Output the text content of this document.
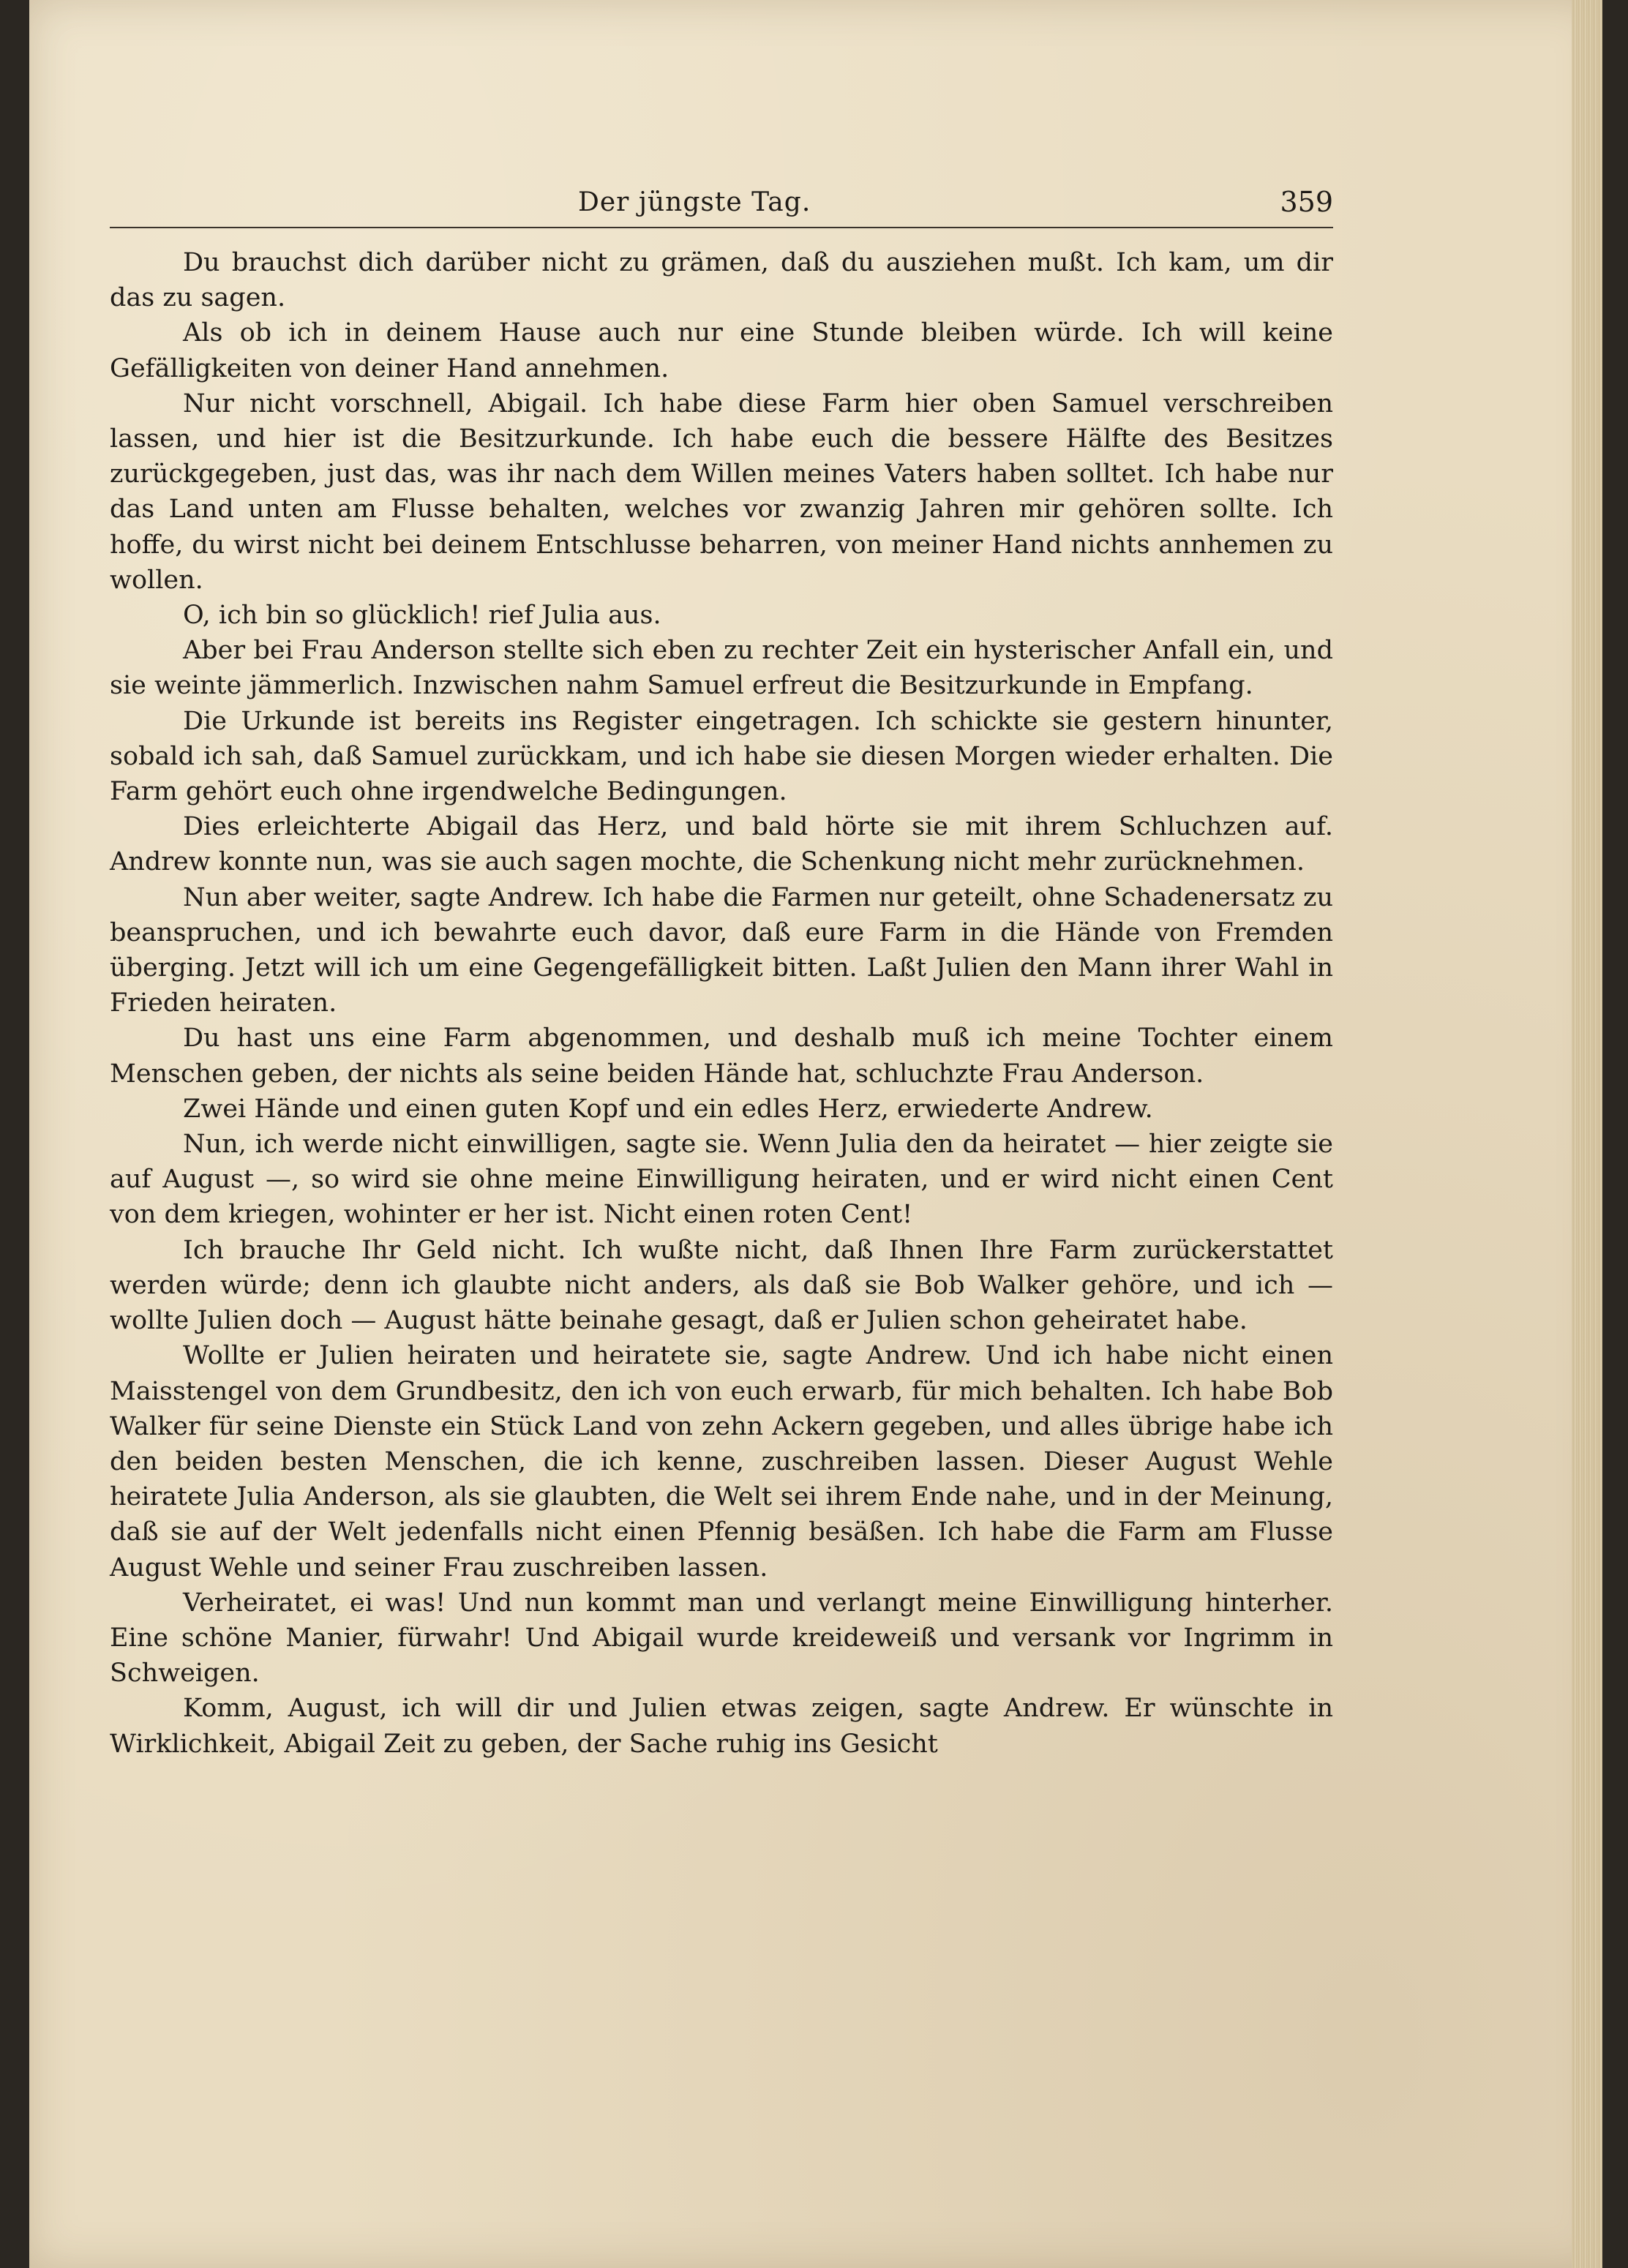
Der jüngste Tag.	359

Du brauchst dich darüber nicht zu grämen, daß du ausziehen mußt. Ich kam, um dir das zu sagen.

Als ob ich in deinem Hause auch nur eine Stunde bleiben würde. Ich will keine Gefälligkeiten von deiner Hand annehmen.

Nur nicht vorschnell, Abigail. Ich habe diese Farm hier oben Samuel verschreiben lassen, und hier ist die Besitzurkunde. Ich habe euch die bessere Hälfte des Besitzes zurückgegeben, just das, was ihr nach dem Willen meines Vaters haben solltet. Ich habe nur das Land unten am Flusse behalten, welches vor zwanzig Jahren mir gehören sollte. Ich hoffe, du wirst nicht bei deinem Entschlusse beharren, von meiner Hand nichts annhemen zu wollen.

O, ich bin so glücklich! rief Julia aus.

Aber bei Frau Anderson stellte sich eben zu rechter Zeit ein hysterischer Anfall ein, und sie weinte jämmerlich. Inzwischen nahm Samuel erfreut die Besitzurkunde in Empfang.

Die Urkunde ist bereits ins Register eingetragen. Ich schickte sie gestern hinunter, sobald ich sah, daß Samuel zurückkam, und ich habe sie diesen Morgen wieder erhalten. Die Farm gehört euch ohne irgendwelche Bedingungen.

Dies erleichterte Abigail das Herz, und bald hörte sie mit ihrem Schluchzen auf. Andrew konnte nun, was sie auch sagen mochte, die Schenkung nicht mehr zurücknehmen.

Nun aber weiter, sagte Andrew. Ich habe die Farmen nur geteilt, ohne Schadenersatz zu beanspruchen, und ich bewahrte euch davor, daß eure Farm in die Hände von Fremden überging. Jetzt will ich um eine Gegengefälligkeit bitten. Laßt Julien den Mann ihrer Wahl in Frieden heiraten.

Du hast uns eine Farm abgenommen, und deshalb muß ich meine Tochter einem Menschen geben, der nichts als seine beiden Hände hat, schluchzte Frau Anderson.

Zwei Hände und einen guten Kopf und ein edles Herz, erwiederte Andrew.

Nun, ich werde nicht einwilligen, sagte sie. Wenn Julia den da heiratet — hier zeigte sie auf August —, so wird sie ohne meine Einwilligung heiraten, und er wird nicht einen Cent von dem kriegen, wohinter er her ist. Nicht einen roten Cent!

Ich brauche Ihr Geld nicht. Ich wußte nicht, daß Ihnen Ihre Farm zurückerstattet werden würde; denn ich glaubte nicht anders, als daß sie Bob Walker gehöre, und ich — wollte Julien doch — August hätte beinahe gesagt, daß er Julien schon geheiratet habe.

Wollte er Julien heiraten und heiratete sie, sagte Andrew. Und ich habe nicht einen Maisstengel von dem Grundbesitz, den ich von euch erwarb, für mich behalten. Ich habe Bob Walker für seine Dienste ein Stück Land von zehn Ackern gegeben, und alles übrige habe ich den beiden besten Menschen, die ich kenne, zuschreiben lassen. Dieser August Wehle heiratete Julia Anderson, als sie glaubten, die Welt sei ihrem Ende nahe, und in der Meinung, daß sie auf der Welt jedenfalls nicht einen Pfennig besäßen. Ich habe die Farm am Flusse August Wehle und seiner Frau zuschreiben lassen.

Verheiratet, ei was! Und nun kommt man und verlangt meine Einwilligung hinterher. Eine schöne Manier, fürwahr! Und Abigail wurde kreideweiß und versank vor Ingrimm in Schweigen.

Komm, August, ich will dir und Julien etwas zeigen, sagte Andrew. Er wünschte in Wirklichkeit, Abigail Zeit zu geben, der Sache ruhig ins Gesicht
